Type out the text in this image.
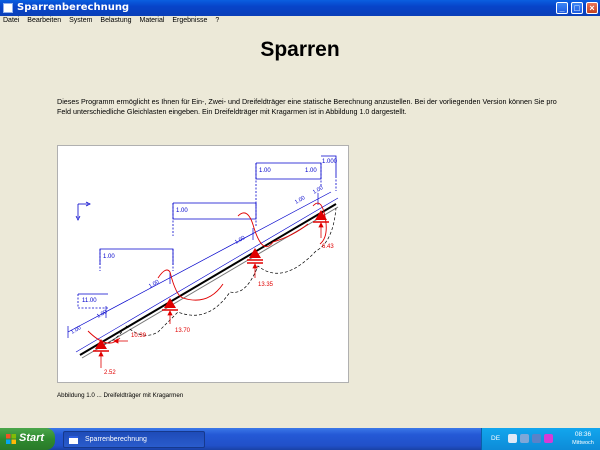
Sparrenberechnung	_	□	×
Datei Bearbeiten System Belastung Material Ergebnisse ?
Sparren
Dieses Programm ermöglicht es Ihnen für Ein-, Zwei- und Dreifeldträger eine statische Berechnung anzustellen. Bei der vorliegenden Version können Sie pro Feld unterschiedliche Gleichlasten eingeben. Ein Dreifeldträger mit Kragarmen ist in Abbildung 1.0 dargestellt.
11.00
1.00
1.00
1.00	1.00
1.000
1.00
1.00
1.00
1.00
1.00
1.00
2.52
10.39
13.70
13.35
6.43
Abbildung 1.0 ... Dreifeldträger mit Kragarmen
Start	Sparrenberechnung	DE
08:36
Mittwoch
